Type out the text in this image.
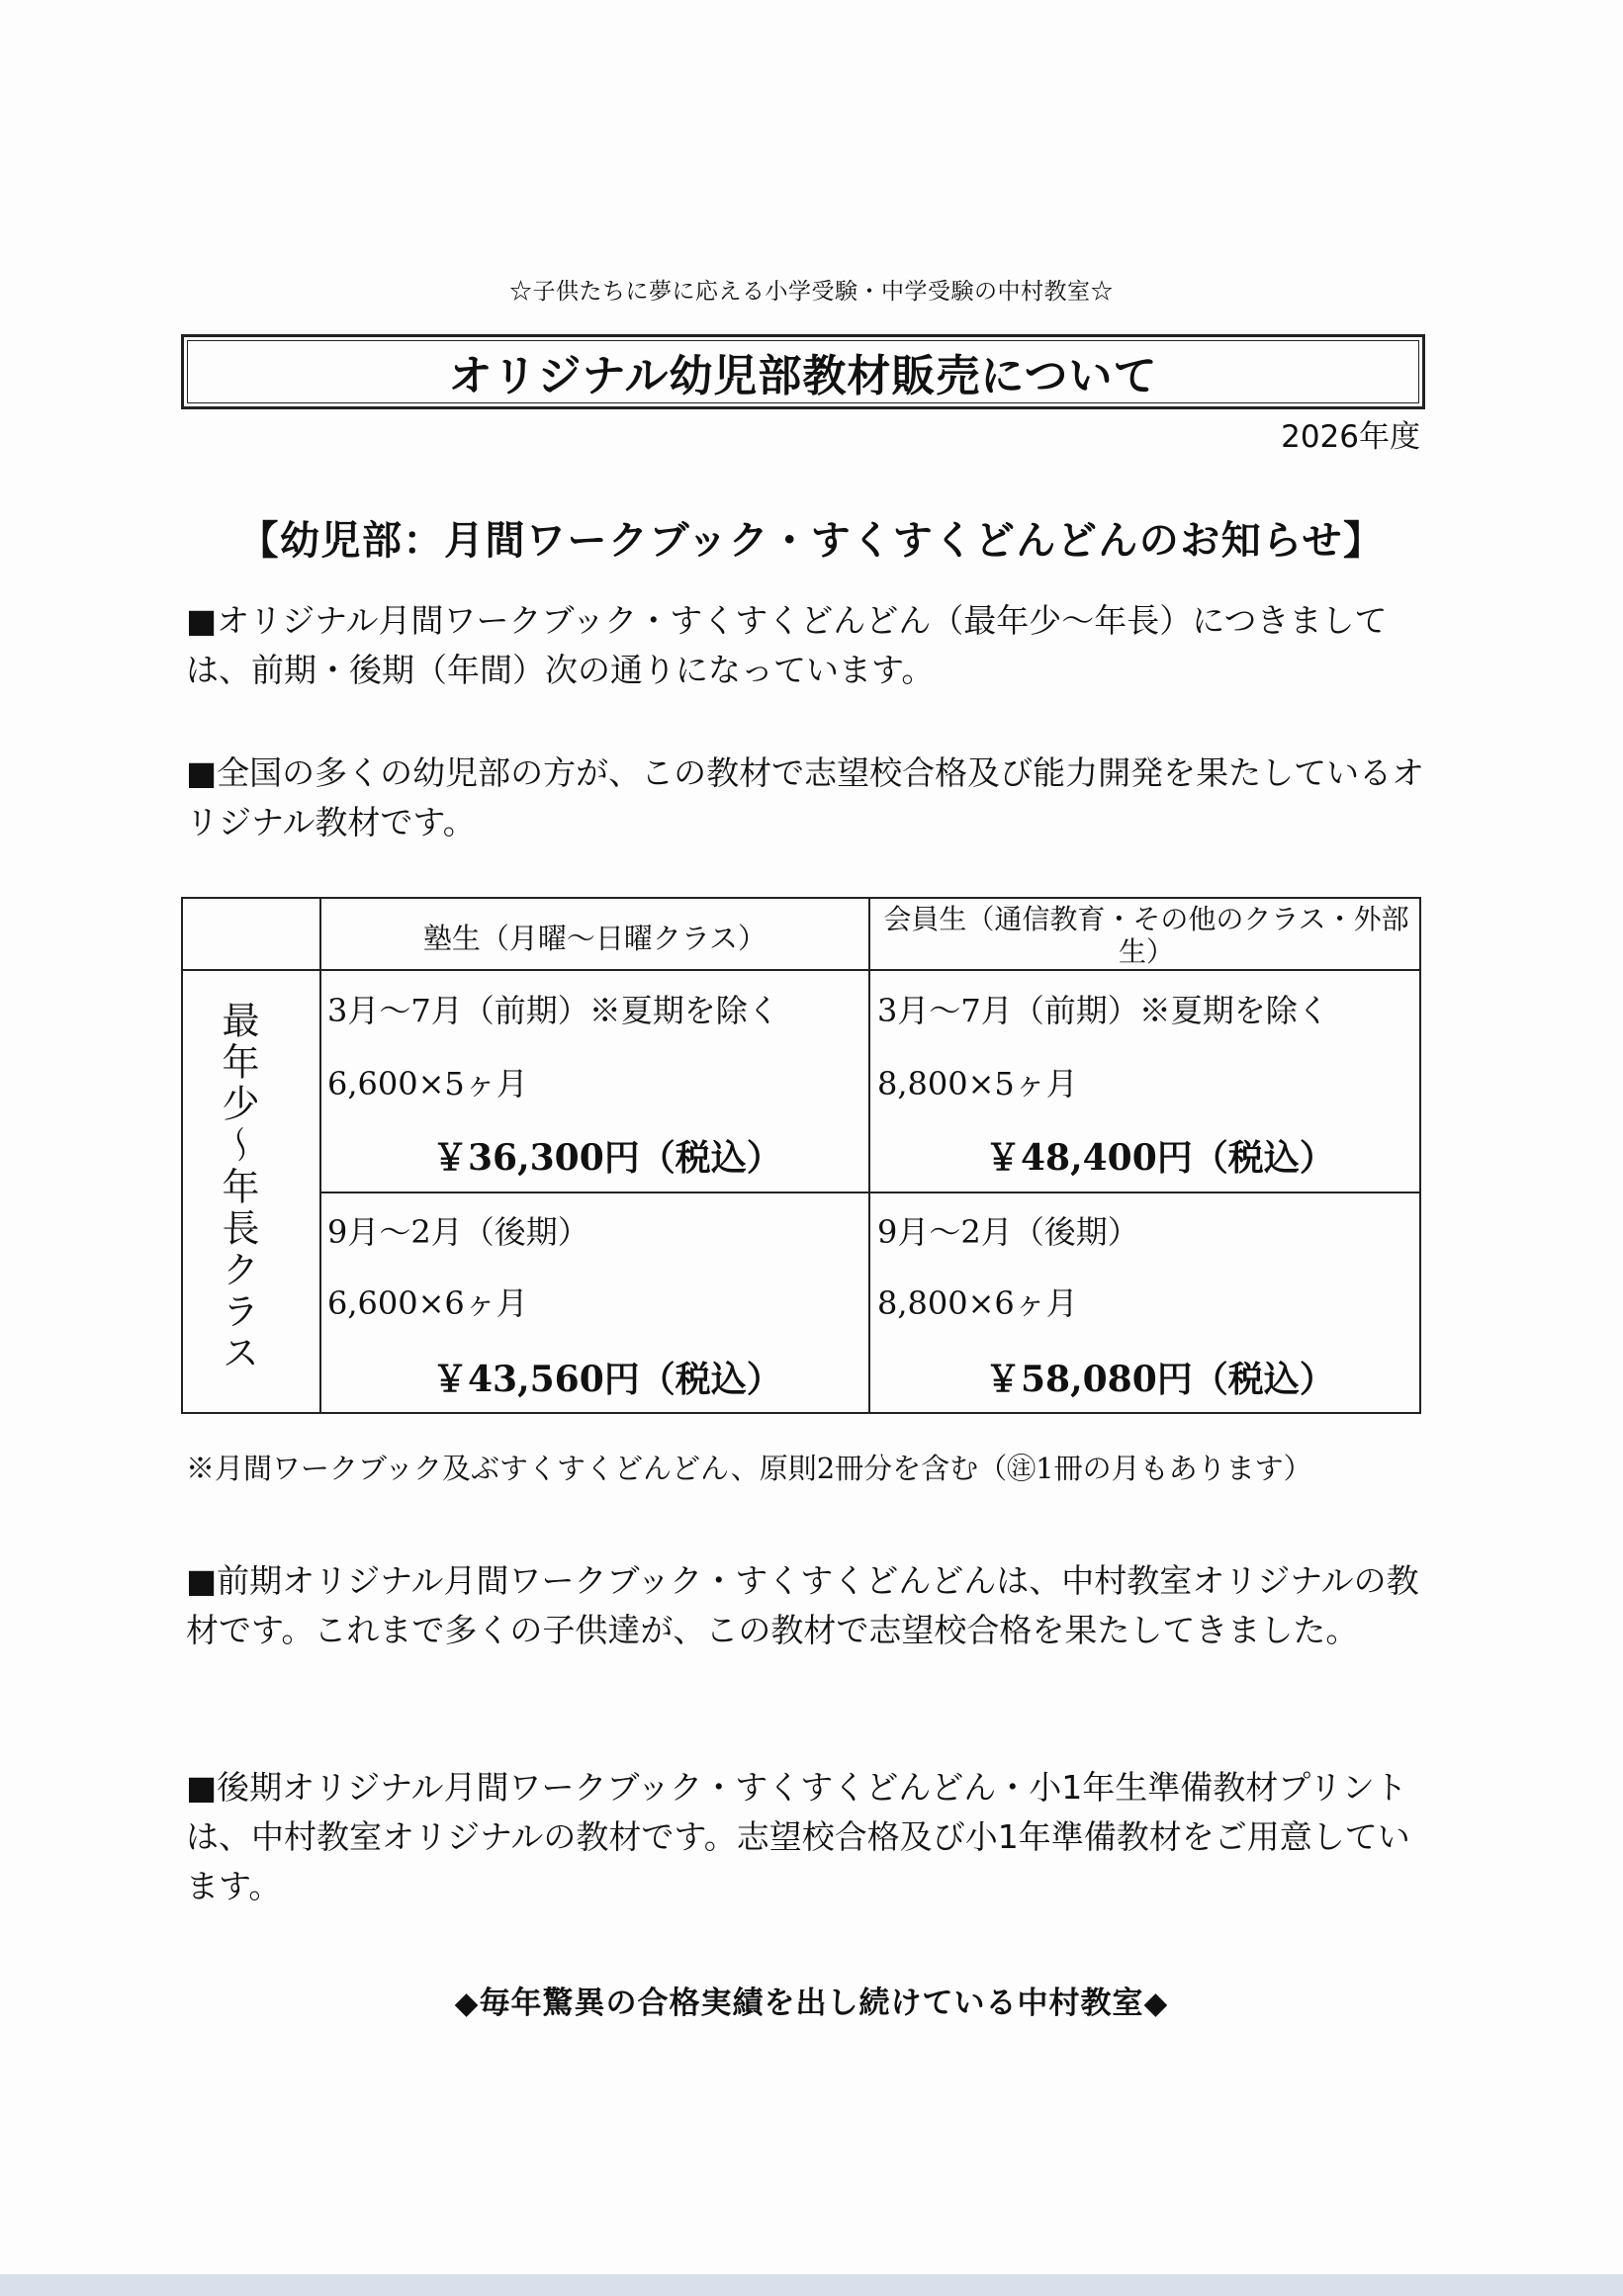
☆子供たちに夢に応える小学受験・中学受験の中村教室☆
オリジナル幼児部教材販売について
2026年度
【幼児部：月間ワークブック・すくすくどんどんのお知らせ】
■オリジナル月間ワークブック・すくすくどんどん（最年少～年長）につきましては、前期・後期（年間）次の通りになっています。
■全国の多くの幼児部の方が、この教材で志望校合格及び能力開発を果たしているオリジナル教材です。
塾生（月曜～日曜クラス）
会員生（通信教育・その他のクラス・外部生）
最年少～年長クラス 3月～7月（前期）※夏期を除く
6,600×5ヶ月
￥36,300円（税込）
3月～7月（前期）※夏期を除く
8,800×5ヶ月
￥48,400円（税込）
9月～2月（後期）
6,600×6ヶ月
￥43,560円（税込）
9月～2月（後期）
8,800×6ヶ月
￥58,080円（税込）
※月間ワークブック及ぶすくすくどんどん、原則2冊分を含む（㊟1冊の月もあります）
■前期オリジナル月間ワークブック・すくすくどんどんは、中村教室オリジナルの教材です。これまで多くの子供達が、この教材で志望校合格を果たしてきました。
■後期オリジナル月間ワークブック・すくすくどんどん・小1年生準備教材プリントは、中村教室オリジナルの教材です。志望校合格及び小1年準備教材をご用意しています。
◆毎年驚異の合格実績を出し続けている中村教室◆
